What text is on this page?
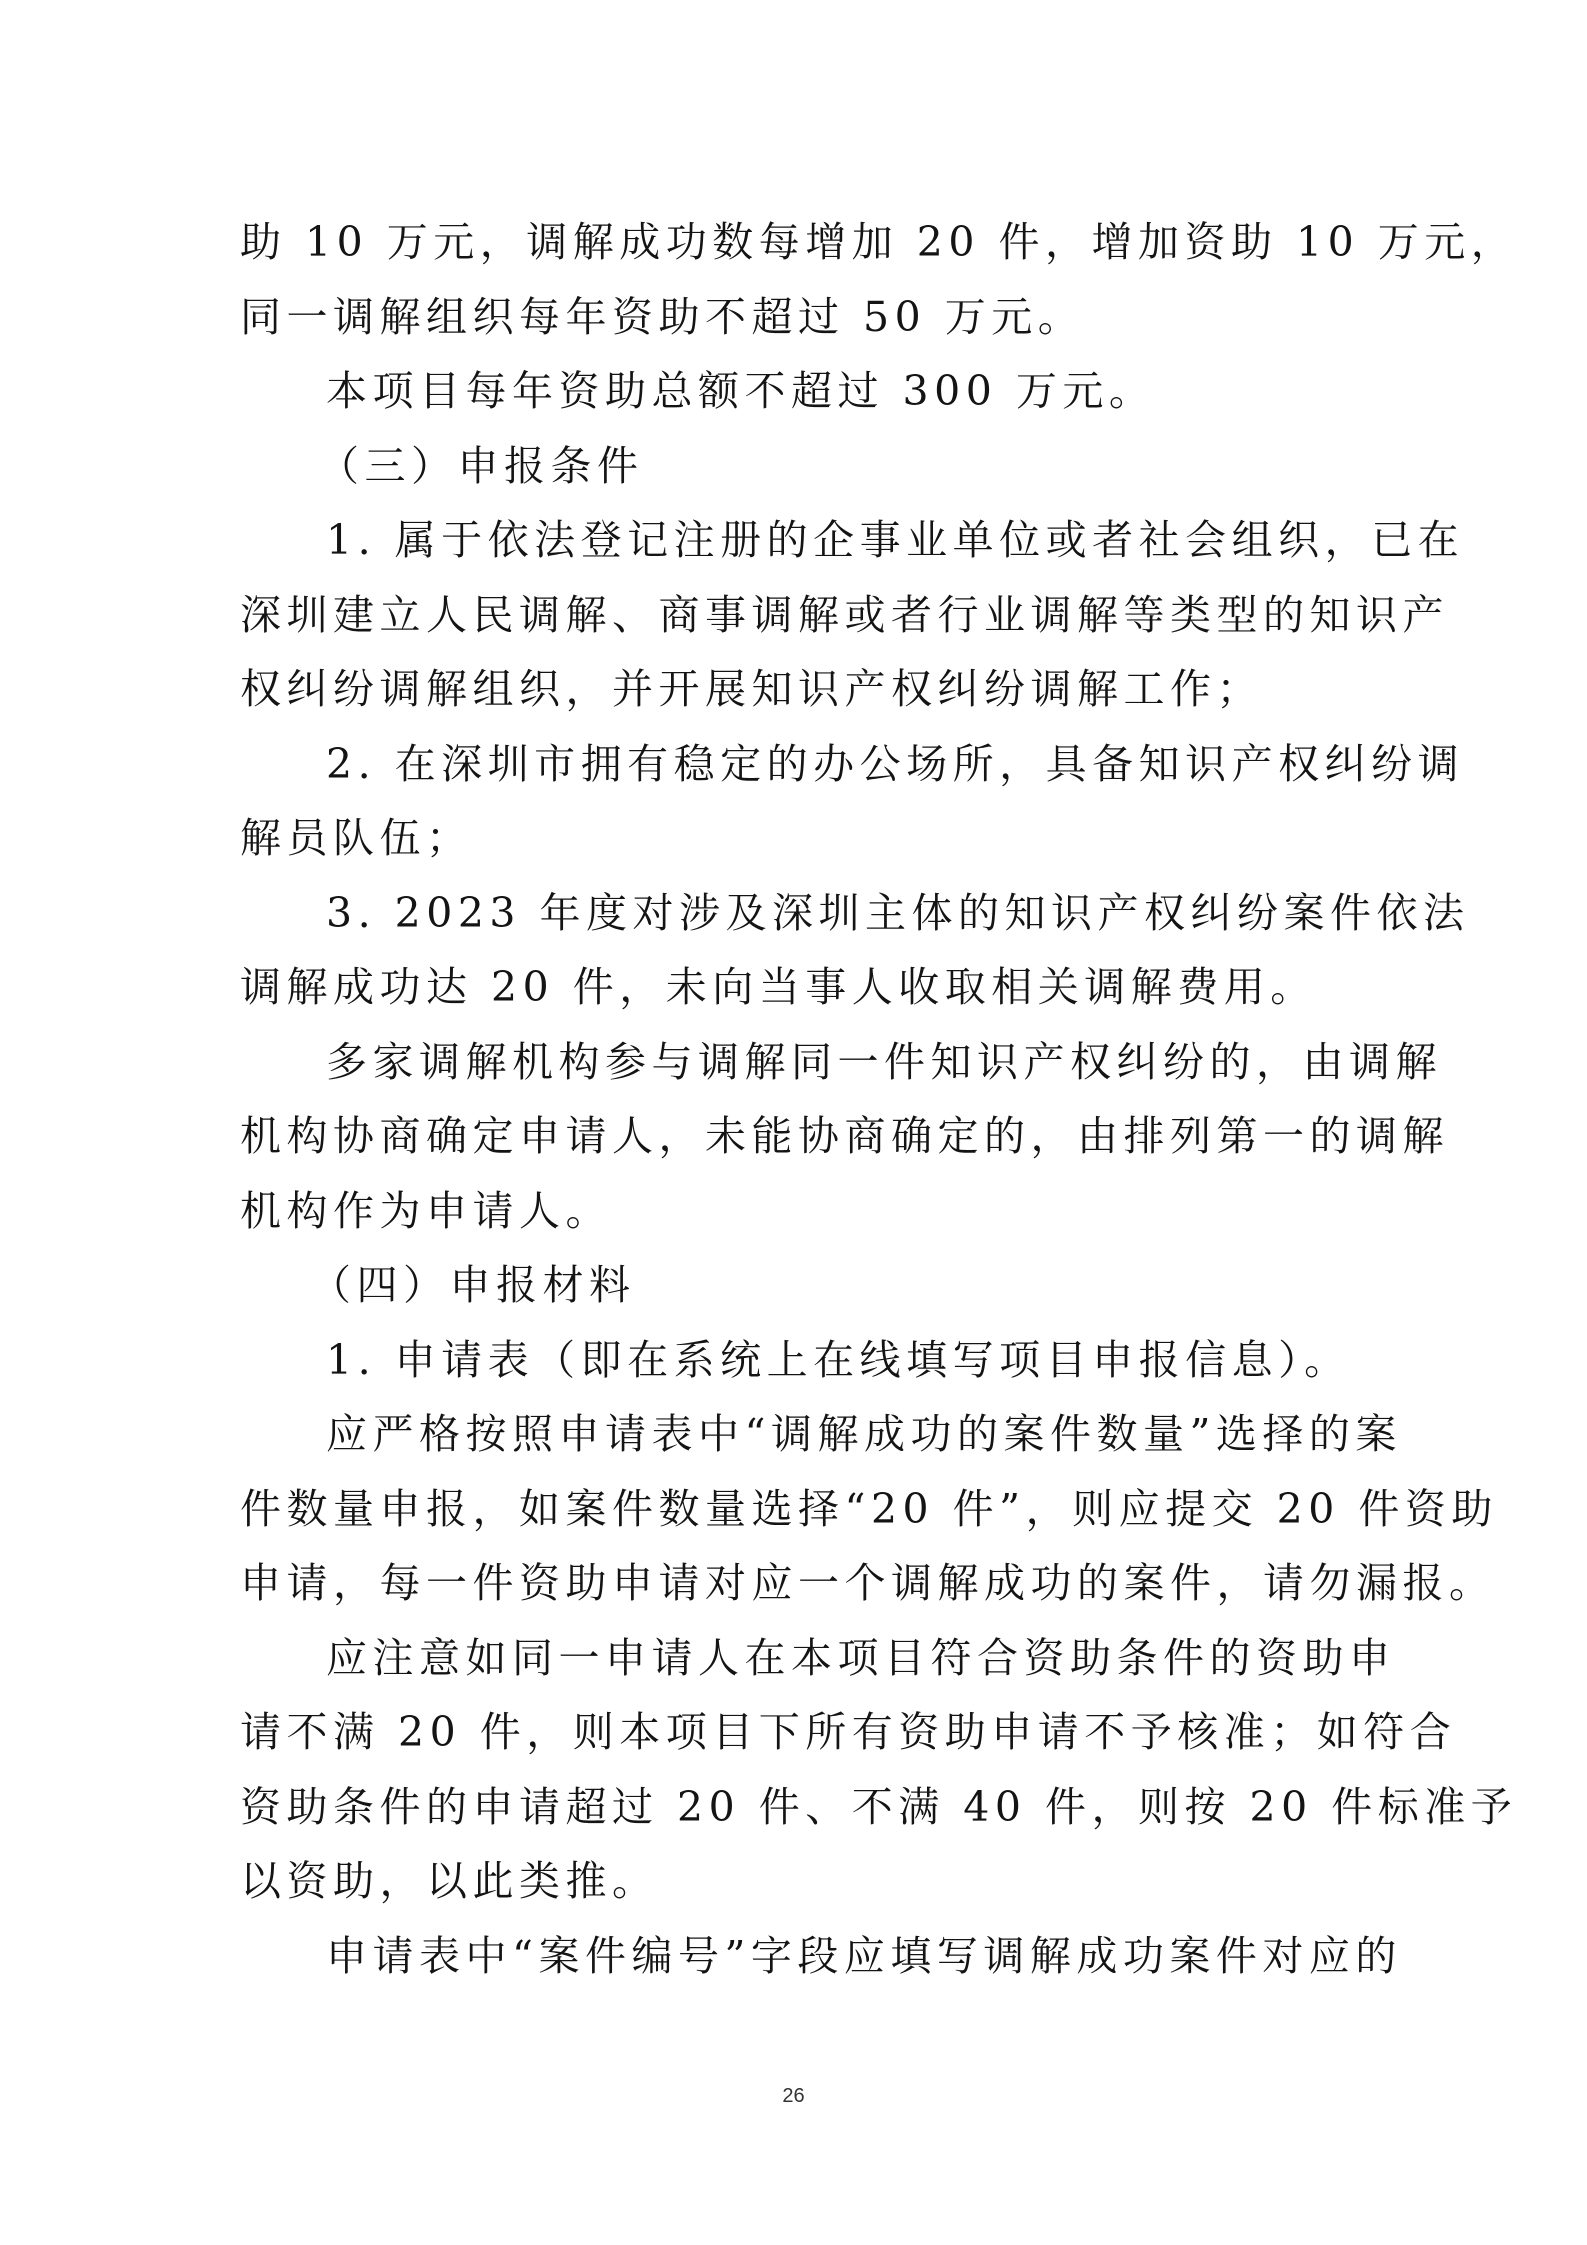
助 10 万元，调解成功数每增加 20 件，增加资助 10 万元，
同一调解组织每年资助不超过 50 万元。
本项目每年资助总额不超过 300 万元。
（三）申报条件
1. 属于依法登记注册的企事业单位或者社会组织，已在
深圳建立人民调解、商事调解或者行业调解等类型的知识产
权纠纷调解组织，并开展知识产权纠纷调解工作；
2. 在深圳市拥有稳定的办公场所，具备知识产权纠纷调
解员队伍；
3. 2023 年度对涉及深圳主体的知识产权纠纷案件依法
调解成功达 20 件，未向当事人收取相关调解费用。
多家调解机构参与调解同一件知识产权纠纷的，由调解
机构协商确定申请人，未能协商确定的，由排列第一的调解
机构作为申请人。
（四）申报材料
1. 申请表（即在系统上在线填写项目申报信息）。
应严格按照申请表中“调解成功的案件数量”选择的案
件数量申报，如案件数量选择“20 件”，则应提交 20 件资助
申请，每一件资助申请对应一个调解成功的案件，请勿漏报。
应注意如同一申请人在本项目符合资助条件的资助申
请不满 20 件，则本项目下所有资助申请不予核准；如符合
资助条件的申请超过 20 件、不满 40 件，则按 20 件标准予
以资助，以此类推。
申请表中“案件编号”字段应填写调解成功案件对应的
26
